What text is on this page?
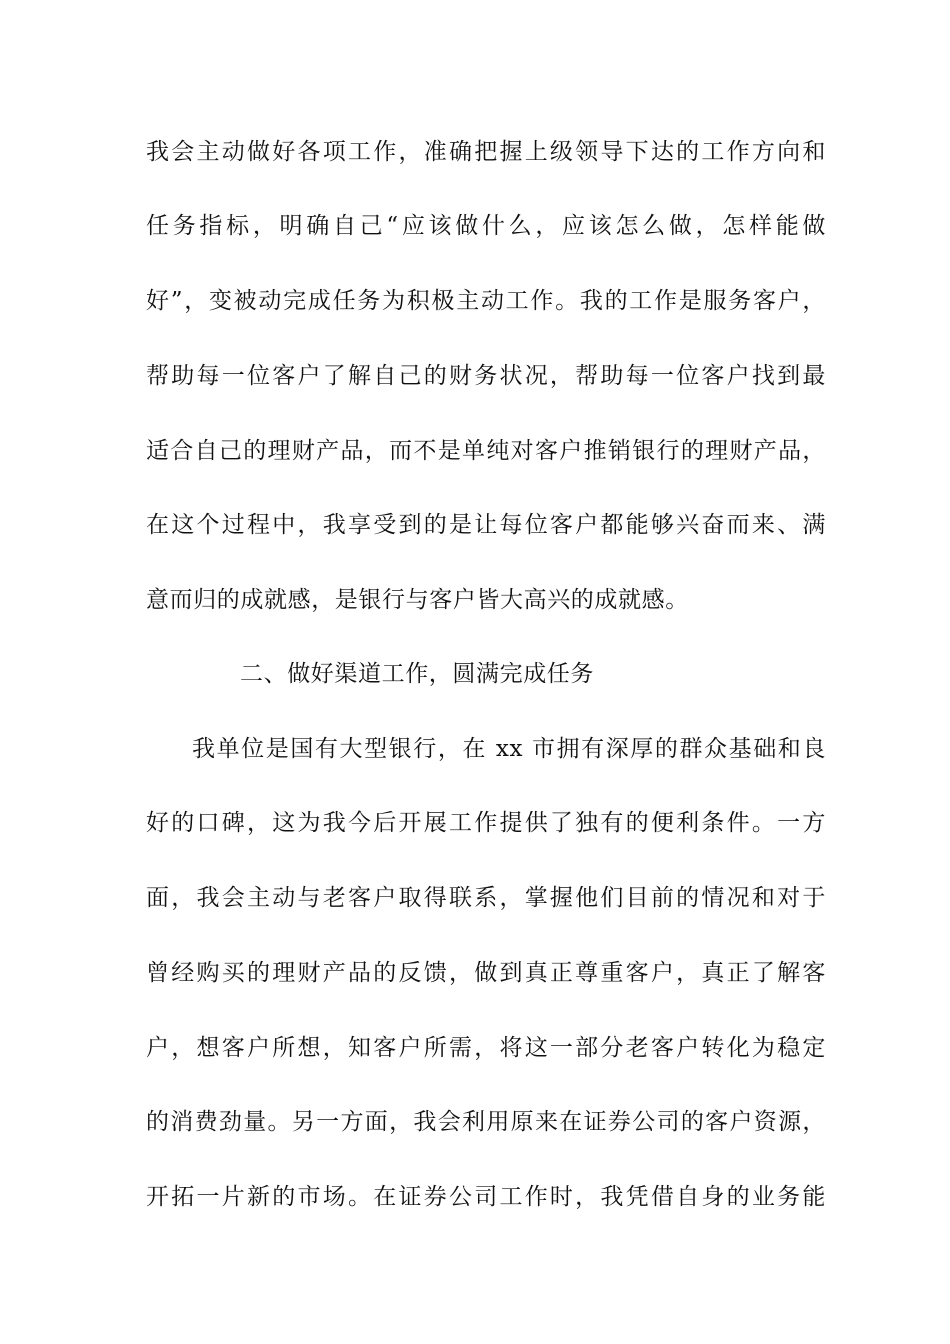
我会主动做好各项工作，准确把握上级领导下达的工作方向和
任务指标，明确自己“应该做什么，应该怎么做，怎样能做
好”，变被动完成任务为积极主动工作。我的工作是服务客户，
帮助每一位客户了解自己的财务状况，帮助每一位客户找到最
适合自己的理财产品，而不是单纯对客户推销银行的理财产品，
在这个过程中，我享受到的是让每位客户都能够兴奋而来、满
意而归的成就感，是银行与客户皆大高兴的成就感。
二、做好渠道工作，圆满完成任务
我单位是国有大型银行，在 xx 市拥有深厚的群众基础和良
好的口碑，这为我今后开展工作提供了独有的便利条件。一方
面，我会主动与老客户取得联系，掌握他们目前的情况和对于
曾经购买的理财产品的反馈，做到真正尊重客户，真正了解客
户，想客户所想，知客户所需，将这一部分老客户转化为稳定
的消费劲量。另一方面，我会利用原来在证券公司的客户资源，
开拓一片新的市场。在证券公司工作时，我凭借自身的业务能
